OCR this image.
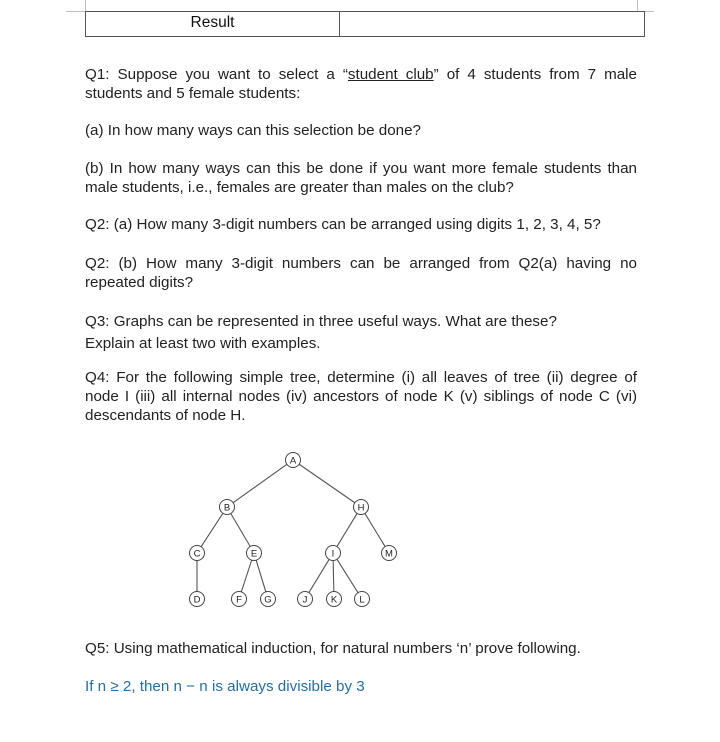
Result
Q1: Suppose you want to select a “student club” of 4 students from 7 male students and 5 female students:
(a) In how many ways can this selection be done?
(b) In how many ways can this be done if you want more female students than male students, i.e., females are greater than males on the club?
Q2: (a) How many 3-digit numbers can be arranged using digits 1, 2, 3, 4, 5?
Q2: (b) How many 3-digit numbers can be arranged from Q2(a) having no repeated digits?
Q3: Graphs can be represented in three useful ways. What are these?
Explain at least two with examples.
Q4: For the following simple tree, determine (i) all leaves of tree (ii) degree of node I (iii) all internal nodes (iv) ancestors of node K (v) siblings of node C (vi) descendants of node H.
A
B	H
C	E	I	M
D	F G	J K L
Q5: Using mathematical induction, for natural numbers ‘n’ prove following.
If n ≥ 2, then n − n is always divisible by 3
